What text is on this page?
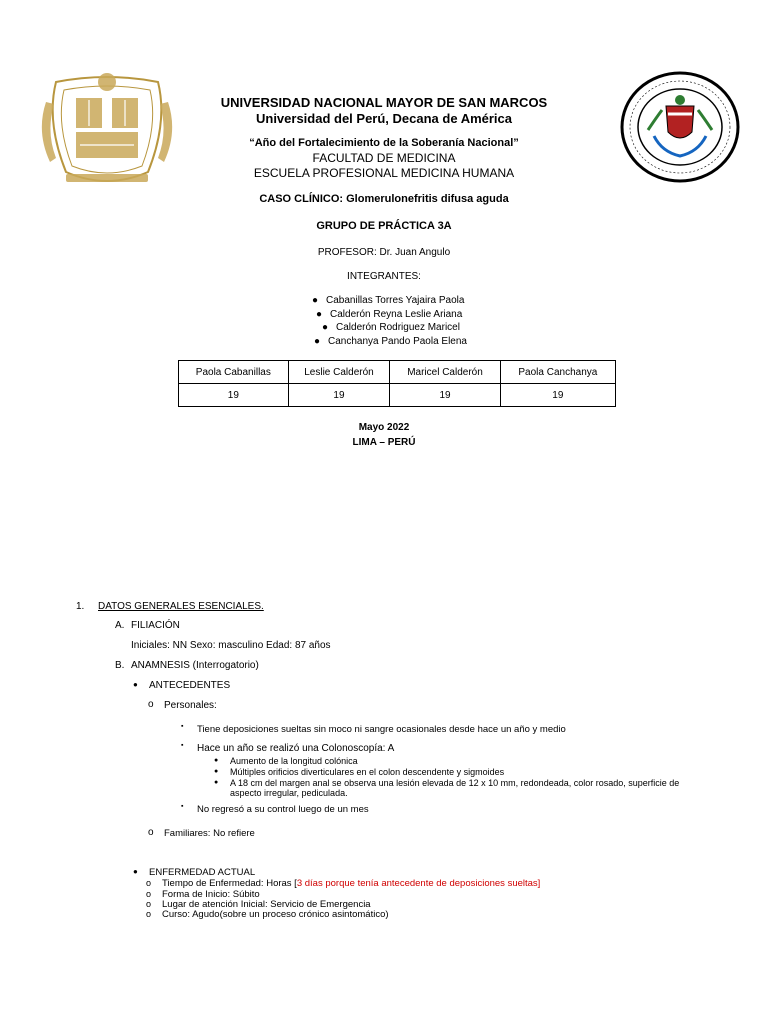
UNIVERSIDAD NACIONAL MAYOR DE SAN MARCOS
Universidad del Perú, Decana de América
“Año del Fortalecimiento de la Soberanía Nacional”
FACULTAD DE MEDICINA
ESCUELA PROFESIONAL MEDICINA HUMANA
CASO CLÍNICO: Glomerulonefritis difusa aguda
GRUPO DE PRÁCTICA 3A
PROFESOR: Dr. Juan Angulo
INTEGRANTES:
● Cabanillas Torres Yajaira Paola
● Calderón Reyna Leslie Ariana
● Calderón Rodriguez Maricel
● Canchanya Pando Paola Elena
Paola Cabanillas	Leslie Calderón	Maricel Calderón	Paola Canchanya
19	19	19	19
Mayo 2022
LIMA – PERÚ
1. DATOS GENERALES ESENCIALES.
A. FILIACIÓN
Iniciales: NN Sexo: masculino Edad: 87 años
B. ANAMNESIS (Interrogatorio)
● ANTECEDENTES
o Personales:
▪ Tiene deposiciones sueltas sin moco ni sangre ocasionales desde hace un año y medio
▪ Hace un año se realizó una Colonoscopía: A
● Aumento de la longitud colónica
● Múltiples orificios diverticulares en el colon descendente y sigmoides
● A 18 cm del margen anal se observa una lesión elevada de 12 x 10 mm, redondeada, color rosado, superficie de
aspecto irregular, pediculada.
▪ No regresó a su control luego de un mes
o Familiares: No refiere
● ENFERMEDAD ACTUAL
o Tiempo de Enfermedad: Horas [3 días porque tenía antecedente de deposiciones sueltas]
o Forma de Inicio: Súbito
o Lugar de atención Inicial: Servicio de Emergencia
o Curso: Agudo(sobre un proceso crónico asintomático)
